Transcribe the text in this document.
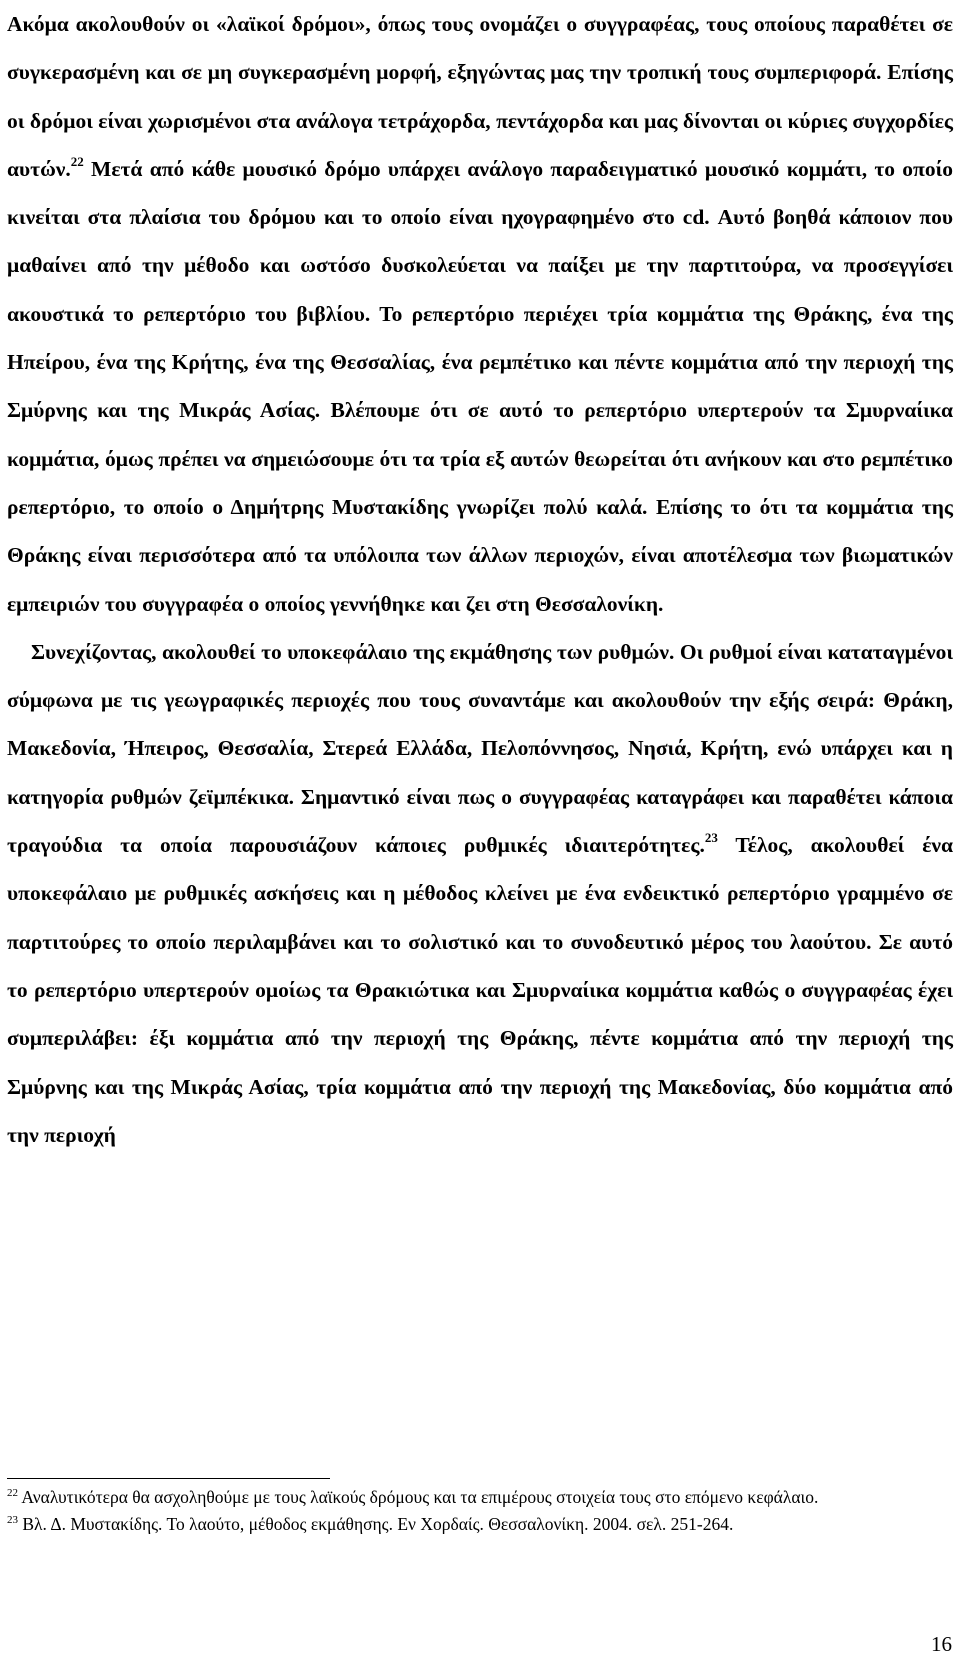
Ακόμα ακολουθούν οι «λαϊκοί δρόμοι», όπως τους ονομάζει ο συγγραφέας, τους οποίους παραθέτει σε συγκερασμένη και σε μη συγκερασμένη μορφή, εξηγώντας μας την τροπική τους συμπεριφορά. Επίσης οι δρόμοι είναι χωρισμένοι στα ανάλογα τετράχορδα, πεντάχορδα και μας δίνονται οι κύριες συγχορδίες αυτών.$^{22}$ Μετά από κάθε μουσικό δρόμο υπάρχει ανάλογο παραδειγματικό μουσικό κομμάτι, το οποίο κινείται στα πλαίσια του δρόμου και το οποίο είναι ηχογραφημένο στο cd. Αυτό βοηθά κάποιον που μαθαίνει από την μέθοδο και ωστόσο δυσκολεύεται να παίξει με την παρτιτούρα, να προσεγγίσει ακουστικά το ρεπερτόριο του βιβλίου. Το ρεπερτόριο περιέχει τρία κομμάτια της Θράκης, ένα της Ηπείρου, ένα της Κρήτης, ένα της Θεσσαλίας, ένα ρεμπέτικο και πέντε κομμάτια από την περιοχή της Σμύρνης και της Μικράς Ασίας. Βλέπουμε ότι σε αυτό το ρεπερτόριο υπερτερούν τα Σμυρναίικα κομμάτια, όμως πρέπει να σημειώσουμε ότι τα τρία εξ αυτών θεωρείται ότι ανήκουν και στο ρεμπέτικο ρεπερτόριο, το οποίο ο Δημήτρης Μυστακίδης γνωρίζει πολύ καλά. Επίσης το ότι τα κομμάτια της Θράκης είναι περισσότερα από τα υπόλοιπα των άλλων περιοχών, είναι αποτέλεσμα των βιωματικών εμπειριών του συγγραφέα ο οποίος γεννήθηκε και ζει στη Θεσσαλονίκη.

Συνεχίζοντας, ακολουθεί το υποκεφάλαιο της εκμάθησης των ρυθμών. Οι ρυθμοί είναι καταταγμένοι σύμφωνα με τις γεωγραφικές περιοχές που τους συναντάμε και ακολουθούν την εξής σειρά: Θράκη, Μακεδονία, Ήπειρος, Θεσσαλία, Στερεά Ελλάδα, Πελοπόννησος, Νησιά, Κρήτη, ενώ υπάρχει και η κατηγορία ρυθμών ζεϊμπέκικα. Σημαντικό είναι πως ο συγγραφέας καταγράφει και παραθέτει κάποια τραγούδια τα οποία παρουσιάζουν κάποιες ρυθμικές ιδιαιτερότητες.$^{23}$ Τέλος, ακολουθεί ένα υποκεφάλαιο με ρυθμικές ασκήσεις και η μέθοδος κλείνει με ένα ενδεικτικό ρεπερτόριο γραμμένο σε παρτιτούρες το οποίο περιλαμβάνει και το σολιστικό και το συνοδευτικό μέρος του λαούτου. Σε αυτό το ρεπερτόριο υπερτερούν ομοίως τα Θρακιώτικα και Σμυρναίικα κομμάτια καθώς ο συγγραφέας έχει συμπεριλάβει: έξι κομμάτια από την περιοχή της Θράκης, πέντε κομμάτια από την περιοχή της Σμύρνης και της Μικράς Ασίας, τρία κομμάτια από την περιοχή της Μακεδονίας, δύο κομμάτια από την περιοχή

$^{22}$ Αναλυτικότερα θα ασχοληθούμε με τους λαϊκούς δρόμους και τα επιμέρους στοιχεία τους στο επόμενο κεφάλαιο.

$^{23}$ Βλ. Δ. Μυστακίδης. Το λαούτο, μέθοδος εκμάθησης. Εν Χορδαίς. Θεσσαλονίκη. 2004. σελ. 251-264.

16
